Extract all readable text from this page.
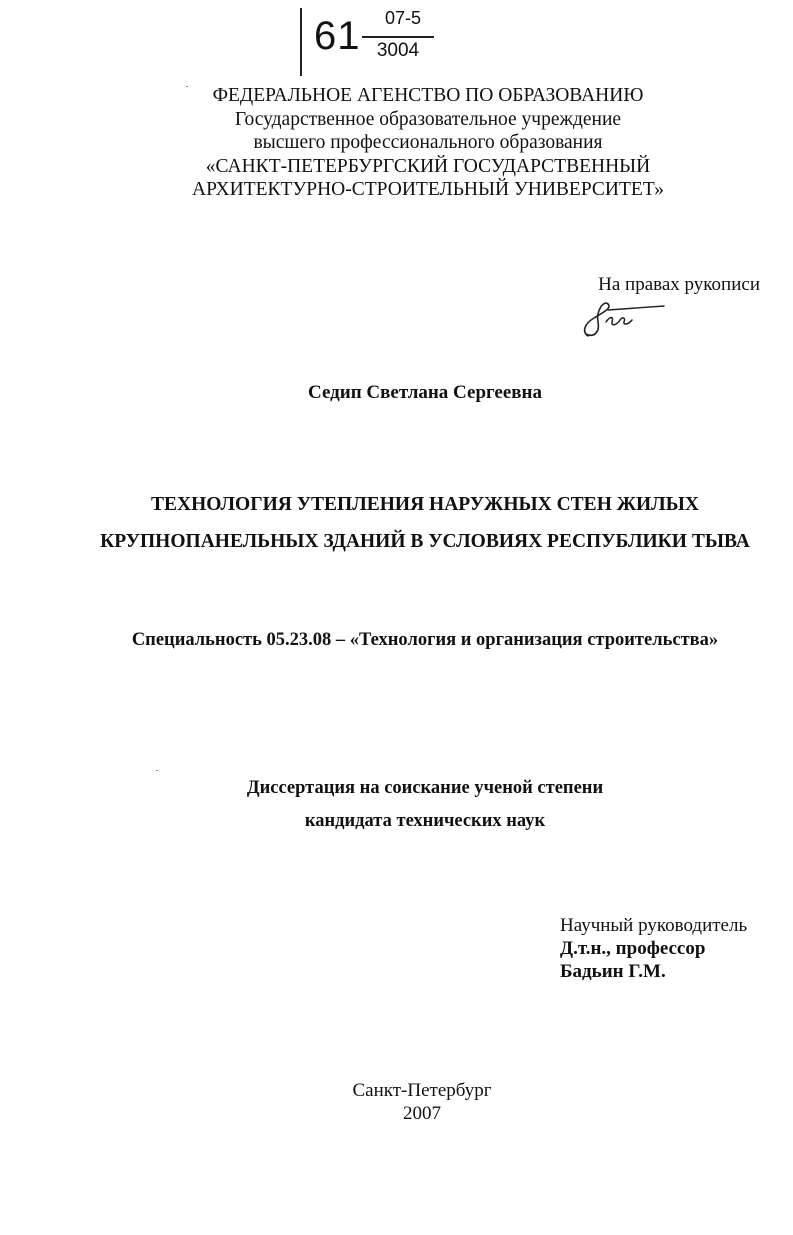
61	07-5
3004
ФЕДЕРАЛЬНОЕ АГЕНСТВО ПО ОБРАЗОВАНИЮ
Государственное образовательное учреждение
высшего профессионального образования
«САНКТ-ПЕТЕРБУРГСКИЙ ГОСУДАРСТВЕННЫЙ
АРХИТЕКТУРНО-СТРОИТЕЛЬНЫЙ УНИВЕРСИТЕТ»
На правах рукописи
Седип Светлана Сергеевна
ТЕХНОЛОГИЯ УТЕПЛЕНИЯ НАРУЖНЫХ СТЕН ЖИЛЫХ
КРУПНОПАНЕЛЬНЫХ ЗДАНИЙ В УСЛОВИЯХ РЕСПУБЛИКИ ТЫВА
Специальность 05.23.08 – «Технология и организация строительства»
Диссертация на соискание ученой степени
кандидата технических наук
Научный руководитель
Д.т.н., профессор
Бадьин Г.М.
Санкт-Петербург
2007
